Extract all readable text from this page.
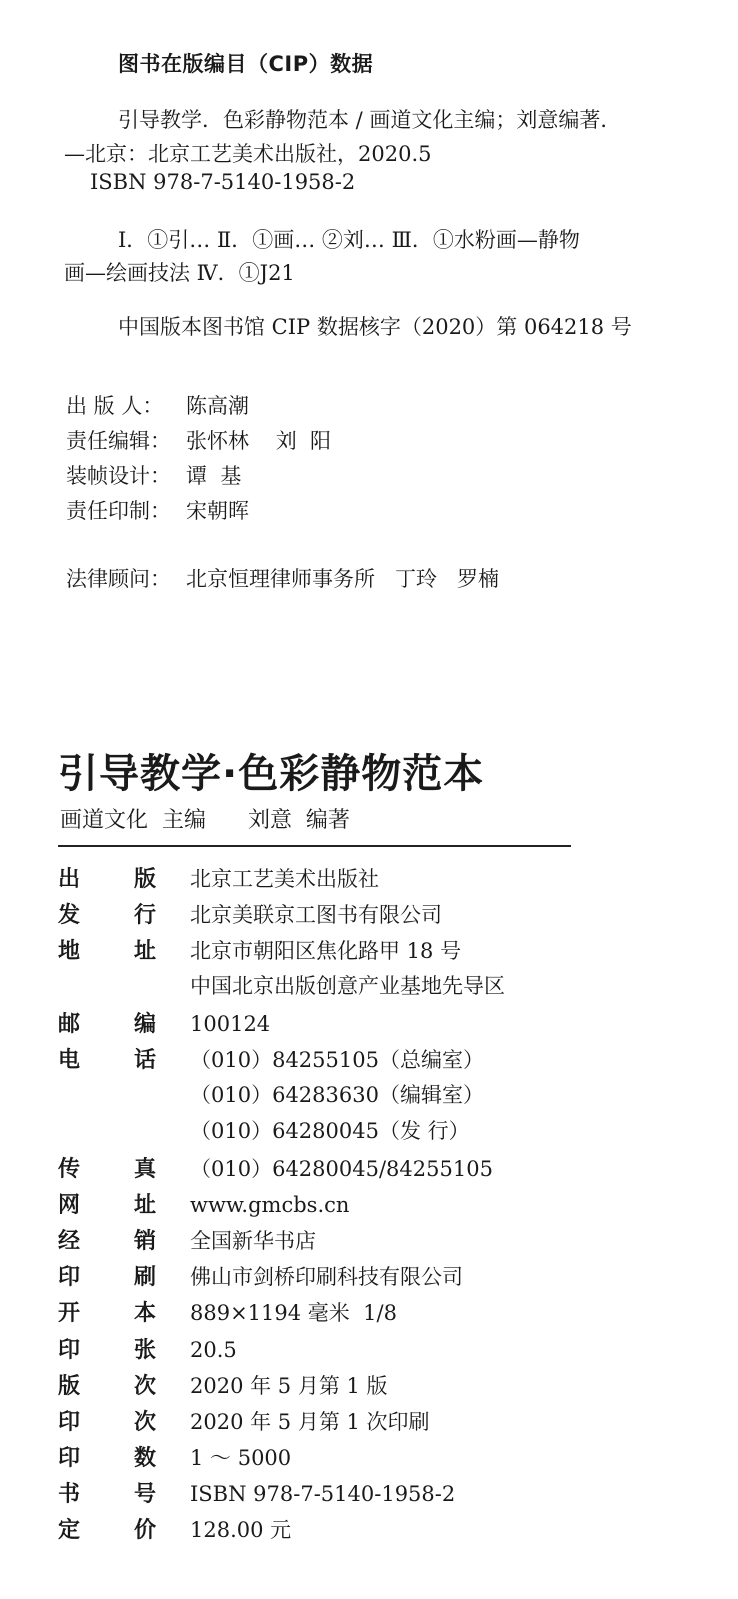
图书在版编目（CIP）数据
引导教学．色彩静物范本 / 画道文化主编；刘意编著．
—北京：北京工艺美术出版社，2020.5
ISBN 978-7-5140-1958-2
Ⅰ．①引… Ⅱ．①画… ②刘… Ⅲ．①水粉画—静物
画—绘画技法 Ⅳ．①J21
中国版本图书馆 CIP 数据核字（2020）第 064218 号
出 版 人：	陈高潮
责任编辑： 张怀林    刘  阳
装帧设计： 谭  基
责任印制： 宋朝晖
法律顾问： 北京恒理律师事务所   丁玲   罗楠
引导教学·色彩静物范本
画道文化  主编      刘意  编著
出	版	北京工艺美术出版社
发	行	北京美联京工图书有限公司
地	址	北京市朝阳区焦化路甲 18 号
中国北京出版创意产业基地先导区
邮	编	100124
电	话	（010）84255105（总编室）
（010）64283630（编辑室）
（010）64280045（发 行）
传	真	（010）64280045/84255105
网	址	www.gmcbs.cn
经	销	全国新华书店
印	刷	佛山市剑桥印刷科技有限公司
开	本	889×1194 毫米  1/8
印	张	20.5
版	次	2020 年 5 月第 1 版
印	次	2020 年 5 月第 1 次印刷
印	数	1 ～ 5000
书	号	ISBN 978-7-5140-1958-2
定	价	128.00 元
